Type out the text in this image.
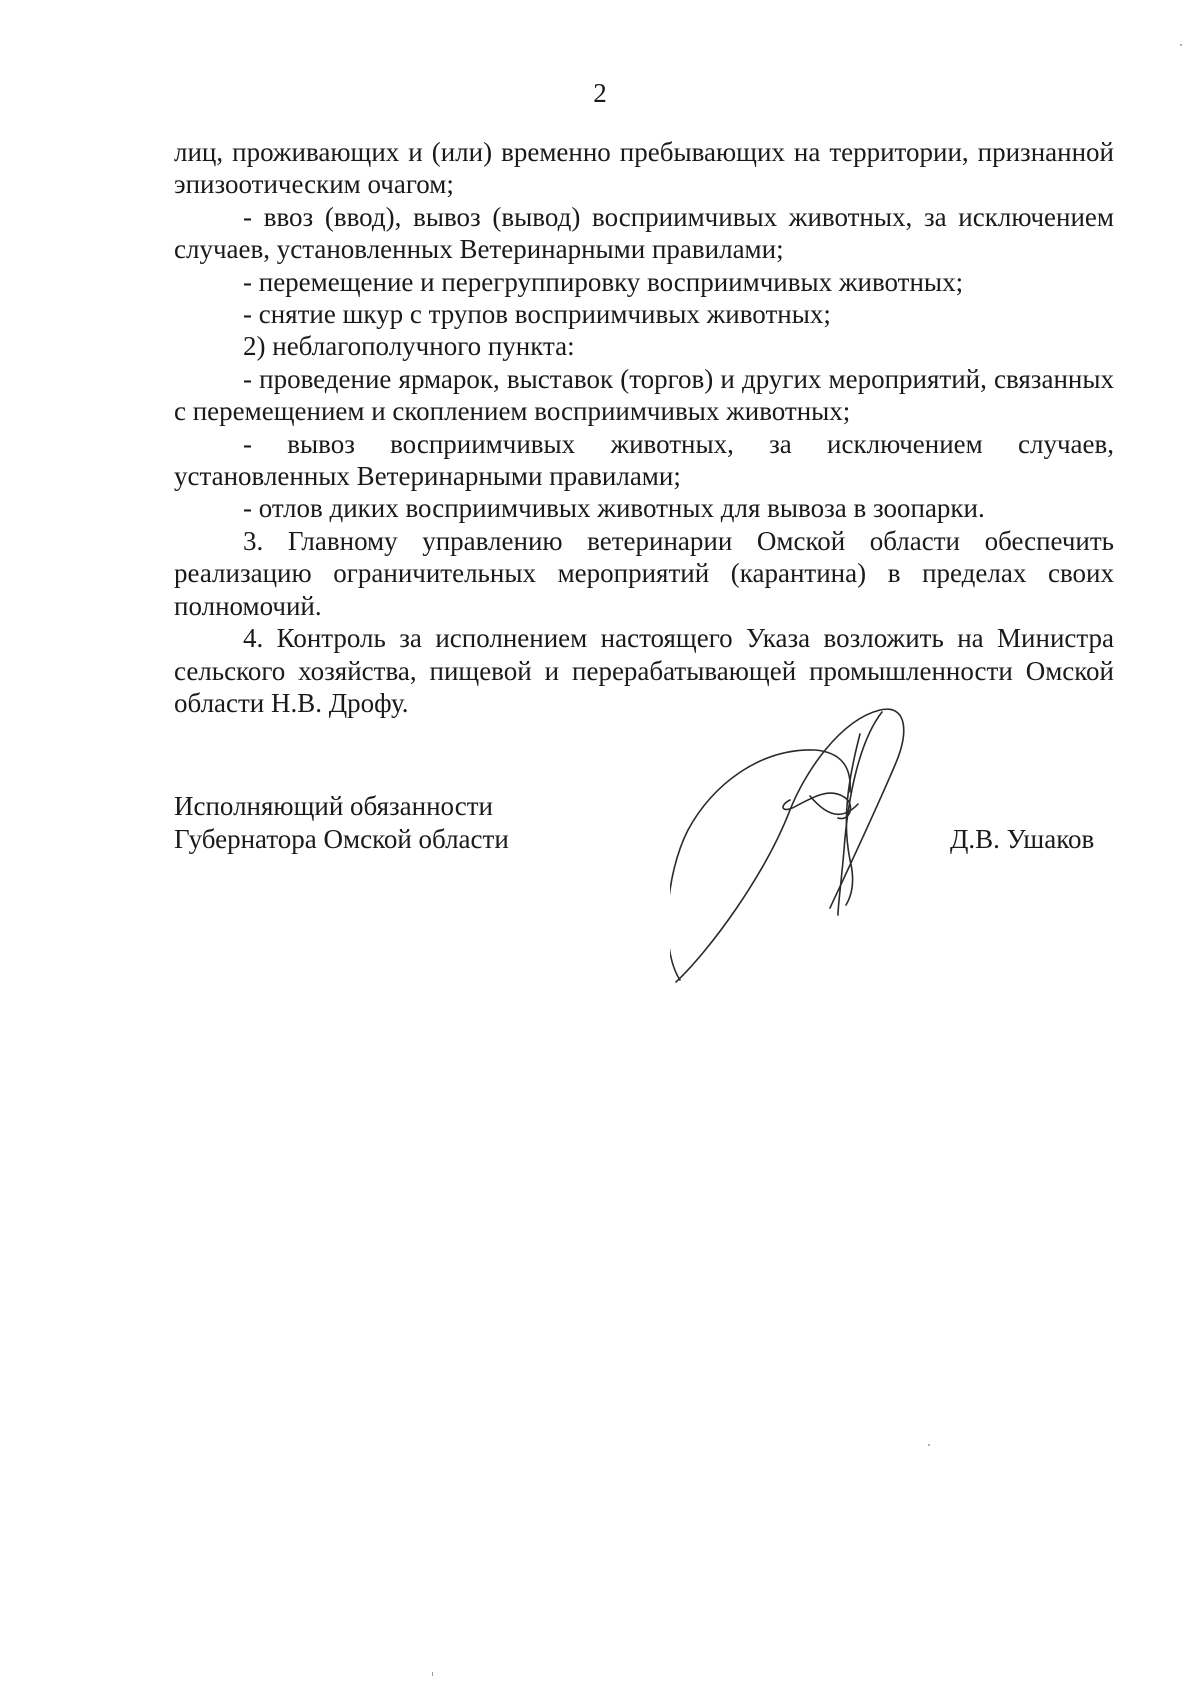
2

лиц, проживающих и (или) временно пребывающих на территории, признанной эпизоотическим очагом;

- ввоз (ввод), вывоз (вывод) восприимчивых животных, за исключением случаев, установленных Ветеринарными правилами;

- перемещение и перегруппировку восприимчивых животных;

- снятие шкур с трупов восприимчивых животных;

2) неблагополучного пункта:

- проведение ярмарок, выставок (торгов) и других мероприятий, связанных с перемещением и скоплением восприимчивых животных;

- вывоз восприимчивых животных, за исключением случаев, установленных Ветеринарными правилами;

- отлов диких восприимчивых животных для вывоза в зоопарки.

3. Главному управлению ветеринарии Омской области обеспечить реализацию ограничительных мероприятий (карантина) в пределах своих полномочий.

4. Контроль за исполнением настоящего Указа возложить на Министра сельского хозяйства, пищевой и перерабатывающей промышленности Омской области Н.В. Дрофу.

Исполняющий обязанности
Губернатора Омской области	Д.В. Ушаков
